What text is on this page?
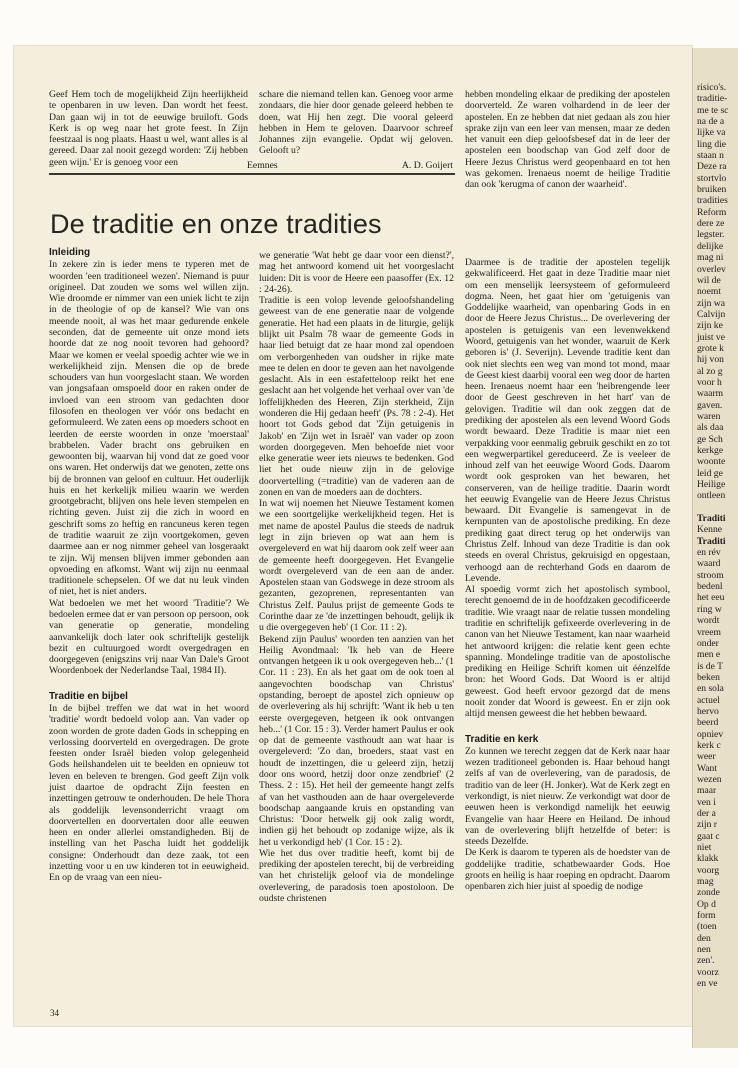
Geef Hem toch de mogelijkheid Zijn heerlijkheid te openbaren in uw leven. Dan wordt het feest. Dan gaan wij in tot de eeuwige bruiloft. Gods Kerk is op weg naar het grote feest. In Zijn feestzaal is nog plaats. Haast u wel, want alles is al gereed. Daar zal nooit gezegd worden: 'Zij hebben geen wijn.' Er is genoeg voor een

schare die niemand tellen kan. Genoeg voor arme zondaars, die hier door genade geleerd hebben te doen, wat Hij hen zegt. Die vooral geleerd hebben in Hem te geloven. Daarvoor schreef Johannes zijn evangelie. Opdat wij geloven. Gelooft u?

Eemnes	A. D. Goijert

hebben mondeling elkaar de prediking der apostelen doorverteld. Ze waren volhardend in de leer der apostelen. En ze hebben dat niet gedaan als zou hier sprake zijn van een leer van mensen, maar ze deden het vanuit een diep geloofsbesef dat in de leer der apostelen een boodschap van God zelf door de Heere Jezus Christus werd geopenbaard en tot hen was gekomen. Irenaeus noemt de heilige Traditie dan ook 'kerugma of canon der waarheid'.

De traditie en onze tradities
Inleiding

In zekere zin is ieder mens te typeren met de woorden 'een traditioneel wezen'. Niemand is puur origineel. Dat zouden we soms wel willen zijn. Wie droomde er nimmer van een uniek licht te zijn in de theologie of op de kansel? Wie van ons meende nooit, al was het maar gedurende enkele seconden, dat de gemeente uit onze mond iets hoorde dat ze nog nooit tevoren had gehoord? Maar we komen er veelal spoedig achter wie we in werkelijkheid zijn. Mensen die op de brede schouders van hun voorgeslacht staan. We worden van jongsafaan omspoeld door en raken onder de invloed van een stroom van gedachten door filosofen en theologen ver vóór ons bedacht en geformuleerd. We zaten eens op moeders schoot en leerden de eerste woorden in onze 'moerstaal' brabbelen. Vader bracht ons gebruiken en gewoonten bij, waarvan hij vond dat ze goed voor ons waren. Het onderwijs dat we genoten, zette ons bij de bronnen van geloof en cultuur. Het ouderlijk huis en het kerkelijk milieu waarin we werden grootgebracht, blijven ons hele leven stempelen en richting geven. Juist zij die zich in woord en geschrift soms zo heftig en rancuneus keren tegen de traditie waaruit ze zijn voortgekomen, geven daarmee aan er nog nimmer geheel van losgeraakt te zijn. Wij mensen blijven immer gebonden aan opvoeding en afkomst. Want wij zijn nu eenmaal traditionele schepselen. Of we dat nu leuk vinden of niet, het is niet anders.

Wat bedoelen we met het woord 'Traditie'? We bedoelen ermee dat er van persoon op persoon, ook van generatie op generatie, mondeling aanvankelijk doch later ook schriftelijk gestelijk bezit en cultuurgoed wordt overgedragen en doorgegeven (enigszins vrij naar Van Dale's Groot Woordenboek der Nederlandse Taal, 1984 II).

Traditie en bijbel

In de bijbel treffen we dat wat in het woord 'traditie' wordt bedoeld volop aan. Van vader op zoon worden de grote daden Gods in schepping en verlossing doorverteld en overgedragen. De grote feesten onder Israël bieden volop gelegenheid Gods heilshandelen uit te beelden en opnieuw tot leven en beleven te brengen. God geeft Zijn volk juist daartoe de opdracht Zijn feesten en inzettingen getrouw te onderhouden. De hele Thora als goddelijk levensonderricht vraagt om doorvertellen en doorvertalen door alle eeuwen heen en onder allerlei omstandigheden. Bij de instelling van het Pascha luidt het goddelijk consigne: Onderhoudt dan deze zaak, tot een inzetting voor u en uw kinderen tot in eeuwigheid. En op de vraag van een nieu-

we generatie 'Wat hebt ge daar voor een dienst?', mag het antwoord komend uit het voorgeslacht luiden: Dit is voor de Heere een paasoffer (Ex. 12 : 24-26).

Traditie is een volop levende geloofshandeling geweest van de ene generatie naar de volgende generatie. Het had een plaats in de liturgie, gelijk blijkt uit Psalm 78 waar de gemeente Gods in haar lied betuigt dat ze haar mond zal opendoen om verborgenheden van oudsher in rijke mate mee te delen en door te geven aan het navolgende geslacht. Als in een estafetteloop reikt het ene geslacht aan het volgende het verhaal over van 'de loffelijkheden des Heeren, Zijn sterkheid, Zijn wonderen die Hij gedaan heeft' (Ps. 78 : 2-4). Het hoort tot Gods gebod dat 'Zijn getuigenis in Jakob' en 'Zijn wet in Israël' van vader op zoon worden doorgegeven. Men behoefde niet voor elke generatie weer iets nieuws te bedenken. God liet het oude nieuw zijn in de gelovige doorvertelling (=traditie) van de vaderen aan de zonen en van de moeders aan de dochters.

In wat wij noemen het Nieuwe Testament komen we een soortgelijke werkelijkheid tegen. Het is met name de apostel Paulus die steeds de nadruk legt in zijn brieven op wat aan hem is overgeleverd en wat hij daarom ook zelf weer aan de gemeente heeft doorgegeven. Het Evangelie wordt overgeleverd van de een aan de ander. Apostelen staan van Godswege in deze stroom als gezanten, gezoprenen, representanten van Christus Zelf. Paulus prijst de gemeente Gods te Corinthe daar ze 'de inzettingen behoudt, gelijk ik u die overgegeven heb' (1 Cor. 11 : 2).

Bekend zijn Paulus' woorden ten aanzien van het Heilig Avondmaal: 'Ik heb van de Heere ontvangen hetgeen ik u ook overgegeven heb...' (1 Cor. 11 : 23). En als het gaat om de ook toen al aangevochten boodschap van Christus' opstanding, beroept de apostel zich opnieuw op de overlevering als hij schrijft: 'Want ik heb u ten eerste overgegeven, hetgeen ik ook ontvangen heb...' (1 Cor. 15 : 3). Verder hamert Paulus er ook op dat de gemeente vasthoudt aan wat haar is overgeleverd: 'Zo dan, broeders, staat vast en houdt de inzettingen, die u geleerd zijn, hetzij door ons woord, hetzij door onze zendbrief' (2 Thess. 2 : 15). Het heil der gemeente hangt zelfs af van het vasthouden aan de haar overgeleverde boodschap aangaande kruis en opstanding van Christus: 'Door hetwelk gij ook zalig wordt, indien gij het behoudt op zodanige wijze, als ik het u verkondigd heb' (1 Cor. 15 : 2).

Wie het dus over traditie heeft, komt bij de prediking der apostelen terecht, bij de verbreiding van het christelijk geloof via de mondelinge overlevering, de paradosis toen apostoloon. De oudste christenen

Daarmee is de traditie der apostelen tegelijk gekwalificeerd. Het gaat in deze Traditie maar niet om een menselijk leersysteem of geformuleerd dogma. Neen, het gaat hier om 'getuigenis van Goddelijke waarheid, van openbaring Gods in en door de Heere Jezus Christus... De overlevering der apostelen is getuigenis van een levenwekkend Woord, getuigenis van het wonder, waaruit de Kerk geboren is' (J. Severijn). Levende traditie kent dan ook niet slechts een weg van mond tot mond, maar de Geest kiest daarbij vooral een weg door de harten heen. Irenaeus noemt haar een 'heibrengende leer door de Geest geschreven in het hart' van de gelovigen. Traditie wil dan ook zeggen dat de prediking der apostelen als een levend Woord Gods wordt bewaard. Deze Traditie is maar niet een verpakking voor eenmalig gebruik geschikt en zo tot een wegwerpartikel gereduceerd. Ze is veeleer de inhoud zelf van het eeuwige Woord Gods. Daarom wordt ook gesproken van het bewaren, het conserveren, van de heilige traditie. Daarin wordt het eeuwig Evangelie van de Heere Jezus Christus bewaard. Dit Evangelie is samengevat in de kernpunten van de apostolische prediking. En deze prediking gaat direct terug op het onderwijs van Christus Zelf. Inhoud van deze Traditie is dan ook steeds en overal Christus, gekruisigd en opgestaan, verhoogd aan de rechterhand Gods en daarom de Levende.

Al spoedig vormt zich het apostolisch symbool, terecht genoemd de in de hoofdzaken gecodificeerde traditie. Wie vraagt naar de relatie tussen mondeling traditie en schriftelijk gefixeerde overlevering in de canon van het Nieuwe Testament, kan naar waarheid het antwoord krijgen: die relatie kent geen echte spanning. Mondelinge traditie van de apostolische prediking en Heilige Schrift komen uit éénzelfde bron: het Woord Gods. Dat Woord is er altijd geweest. God heeft ervoor gezorgd dat de mens nooit zonder dat Woord is geweest. En er zijn ook altijd mensen geweest die het hebben bewaard.

Traditie en kerk

Zo kunnen we terecht zeggen dat de Kerk naar haar wezen traditioneel gebonden is. Haar behoud hangt zelfs af van de overlevering, van de paradosis, de traditio van de leer (H. Jonker). Wat de Kerk zegt en verkondigt, is niet nieuw. Ze verkondigt wat door de eeuwen heen is verkondigd namelijk het eeuwig Evangelie van haar Heere en Heiland. De inhoud van de overlevering blijft hetzelfde of beter: is steeds Dezelfde.

De Kerk is daarom te typeren als de hoedster van de goddelijke traditie, schatbewaarder Gods. Hoe groots en heilig is haar roeping en opdracht. Daarom openbaren zich hier juist al spoedig de nodige

34
risico's.
traditie-
me te sc
na de a
lijke va
ling die
staan n
Deze ra
stortvlo
bruiken
tradities
Reform
dere ze
legster.
delijke
mag ni
overlev
wil de
noemt
zijn wa
Calvijn
zijn ke
juist ve
grote k
hij von
al zo g
voor h
waarm
gaven.
waren
als daa
ge Sch
kerkge
woonte
leid ge
Heilige
ontleen

Traditi
Kenne
Traditi
en rév
waard
stroom
bedenl
het eeu
ring w
wordt
vreem
onder
men e
is de T
beken
en sola
actuel
hervo
beerd
opniev
kerk c
weer
Want
wezen
maar
ven i
der a
zijn r
gaat c
niet
klakk
voorg
mag
zonde
Op d
form
(toen
den
nen
zen'.
voorz
en ve
